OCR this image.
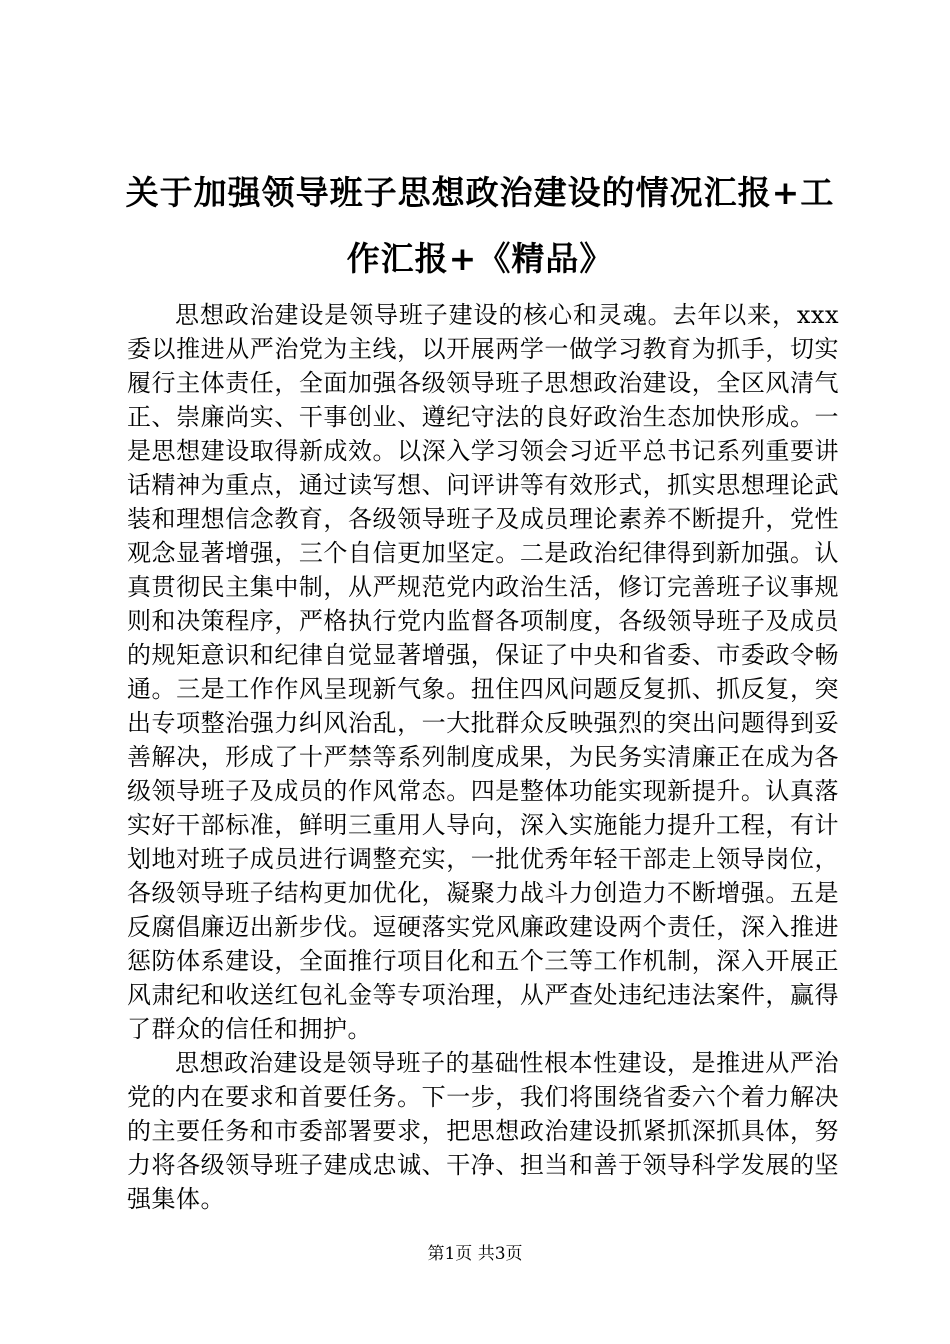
关于加强领导班子思想政治建设的情况汇报+工作汇报+《精品》

思想政治建设是领导班子建设的核心和灵魂。去年以来，xxx委以推进从严治党为主线，以开展两学一做学习教育为抓手，切实履行主体责任，全面加强各级领导班子思想政治建设，全区风清气正、崇廉尚实、干事创业、遵纪守法的良好政治生态加快形成。一是思想建设取得新成效。以深入学习领会习近平总书记系列重要讲话精神为重点，通过读写想、问评讲等有效形式，抓实思想理论武装和理想信念教育，各级领导班子及成员理论素养不断提升，党性观念显著增强，三个自信更加坚定。二是政治纪律得到新加强。认真贯彻民主集中制，从严规范党内政治生活，修订完善班子议事规则和决策程序，严格执行党内监督各项制度，各级领导班子及成员的规矩意识和纪律自觉显著增强，保证了中央和省委、市委政令畅通。三是工作作风呈现新气象。扭住四风问题反复抓、抓反复，突出专项整治强力纠风治乱，一大批群众反映强烈的突出问题得到妥善解决，形成了十严禁等系列制度成果，为民务实清廉正在成为各级领导班子及成员的作风常态。四是整体功能实现新提升。认真落实好干部标准，鲜明三重用人导向，深入实施能力提升工程，有计划地对班子成员进行调整充实，一批优秀年轻干部走上领导岗位，各级领导班子结构更加优化，凝聚力战斗力创造力不断增强。五是反腐倡廉迈出新步伐。逗硬落实党风廉政建设两个责任，深入推进惩防体系建设，全面推行项目化和五个三等工作机制，深入开展正风肃纪和收送红包礼金等专项治理，从严查处违纪违法案件，赢得了群众的信任和拥护。

思想政治建设是领导班子的基础性根本性建设，是推进从严治党的内在要求和首要任务。下一步，我们将围绕省委六个着力解决的主要任务和市委部署要求，把思想政治建设抓紧抓深抓具体，努力将各级领导班子建成忠诚、干净、担当和善于领导科学发展的坚强集体。

第1页 共3页
